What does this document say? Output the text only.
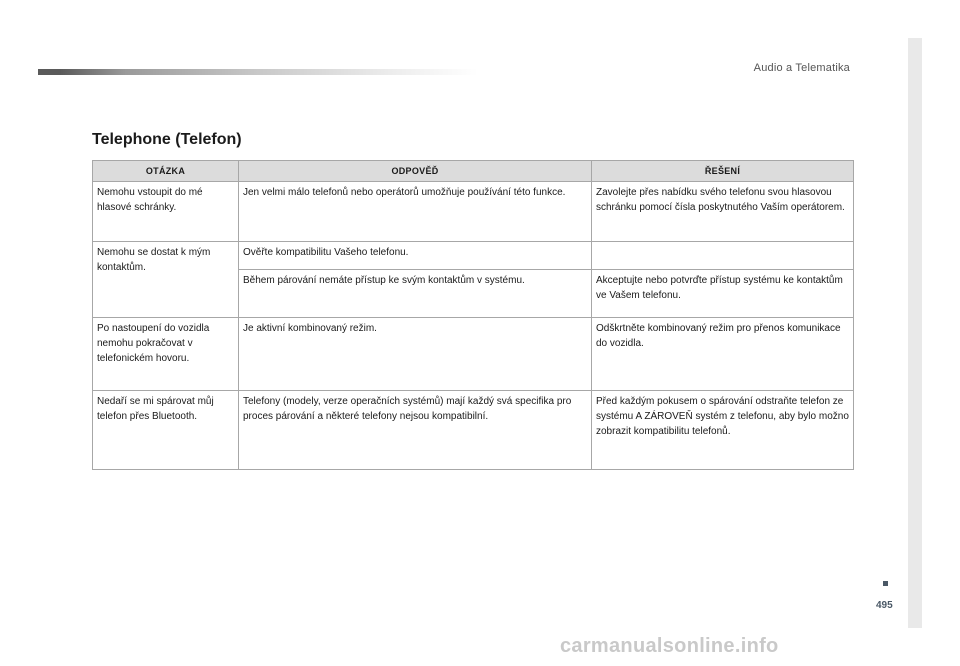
Audio a Telematika
495
Telephone (Telefon)
OTÁZKA	ODPOVĚĎ	ŘEŠENÍ
Nemohu vstoupit do mé hlasové schránky.	Jen velmi málo telefonů nebo operátorů umožňuje používání této funkce.	Zavolejte přes nabídku svého telefonu svou hlasovou schránku pomocí čísla poskytnutého Vaším operátorem.
Nemohu se dostat k mým kontaktům.	Ověřte kompatibilitu Vašeho telefonu.	
	Během párování nemáte přístup ke svým kontaktům v systému.	Akceptujte nebo potvrďte přístup systému ke kontaktům ve Vašem telefonu.
Po nastoupení do vozidla nemohu pokračovat v telefonickém hovoru.	Je aktivní kombinovaný režim.	Odškrtněte kombinovaný režim pro přenos komunikace do vozidla.
Nedaří se mi spárovat můj telefon přes Bluetooth.	Telefony (modely, verze operačních systémů) mají každý svá specifika pro proces párování a některé telefony nejsou kompatibilní.	Před každým pokusem o spárování odstraňte telefon ze systému A ZÁROVEŇ systém z telefonu, aby bylo možno zobrazit kompatibilitu telefonů.
carmanualsonline.info
